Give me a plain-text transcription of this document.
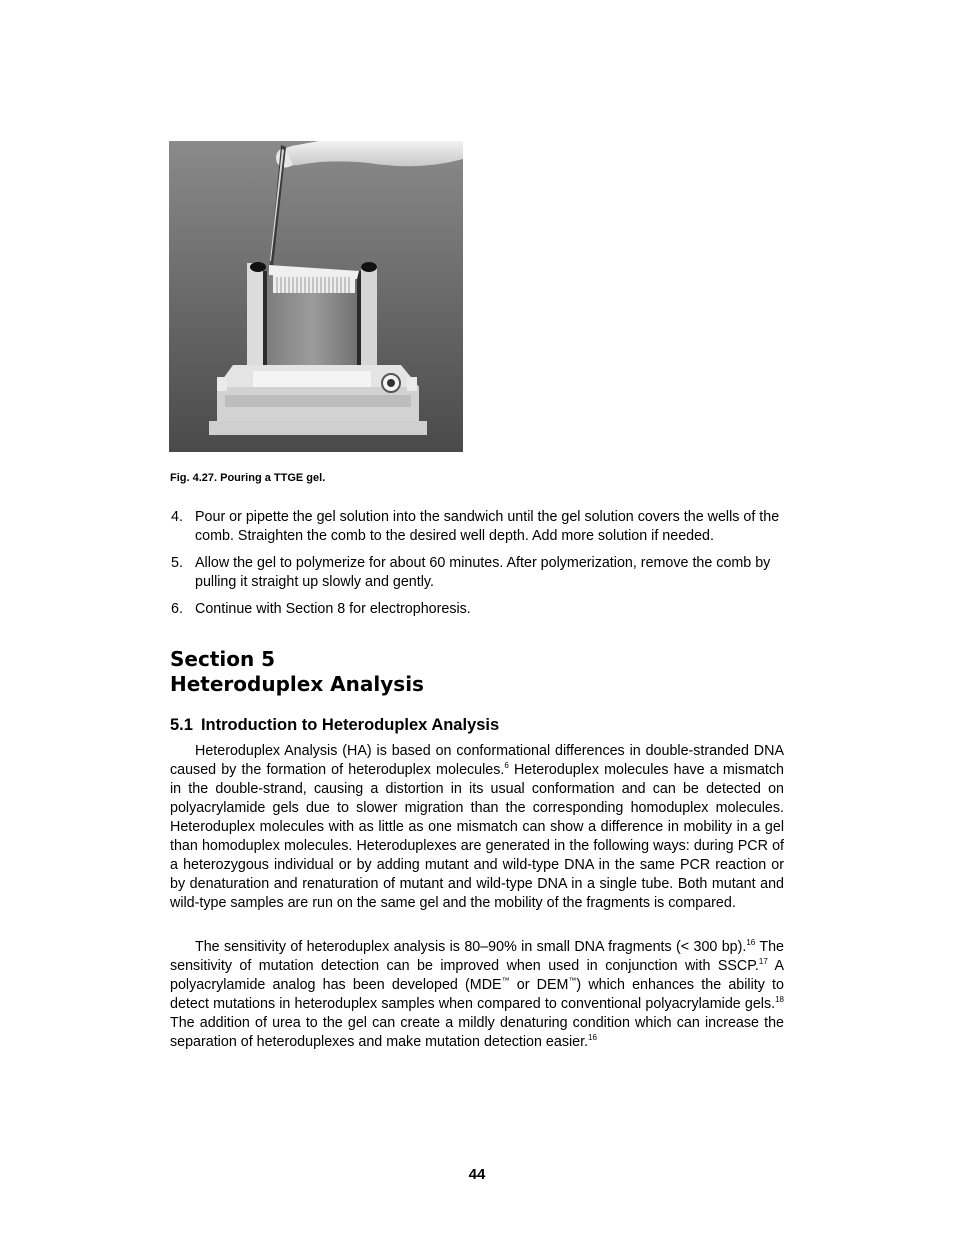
Fig. 4.27. Pouring a TTGE gel.
4. Pour or pipette the gel solution into the sandwich until the gel solution covers the wells of the comb. Straighten the comb to the desired well depth. Add more solution if needed.
5. Allow the gel to polymerize for about 60 minutes. After polymerization, remove the comb by pulling it straight up slowly and gently.
6. Continue with Section 8 for electrophoresis.
Section 5
Heteroduplex Analysis
5.1 Introduction to Heteroduplex Analysis

Heteroduplex Analysis (HA) is based on conformational differences in double-stranded DNA caused by the formation of heteroduplex molecules.$^6$ Heteroduplex molecules have a mismatch in the double-strand, causing a distortion in its usual conformation and can be detected on polyacrylamide gels due to slower migration than the corresponding homoduplex molecules. Heteroduplex molecules with as little as one mismatch can show a difference in mobility in a gel than homoduplex molecules. Heteroduplexes are generated in the following ways: during PCR of a heterozygous individual or by adding mutant and wild-type DNA in the same PCR reaction or by denaturation and renaturation of mutant and wild-type DNA in a single tube. Both mutant and wild-type samples are run on the same gel and the mobility of the fragments is compared.

The sensitivity of heteroduplex analysis is 80–90% in small DNA fragments (< 300 bp).$^{16}$ The sensitivity of mutation detection can be improved when used in conjunction with SSCP.$^{17}$ A polyacrylamide analog has been developed (MDE™ or DEM™) which enhances the ability to detect mutations in heteroduplex samples when compared to conventional polyacrylamide gels.$^{18}$ The addition of urea to the gel can create a mildly denaturing condition which can increase the separation of heteroduplexes and make mutation detection easier.$^{16}$

44
